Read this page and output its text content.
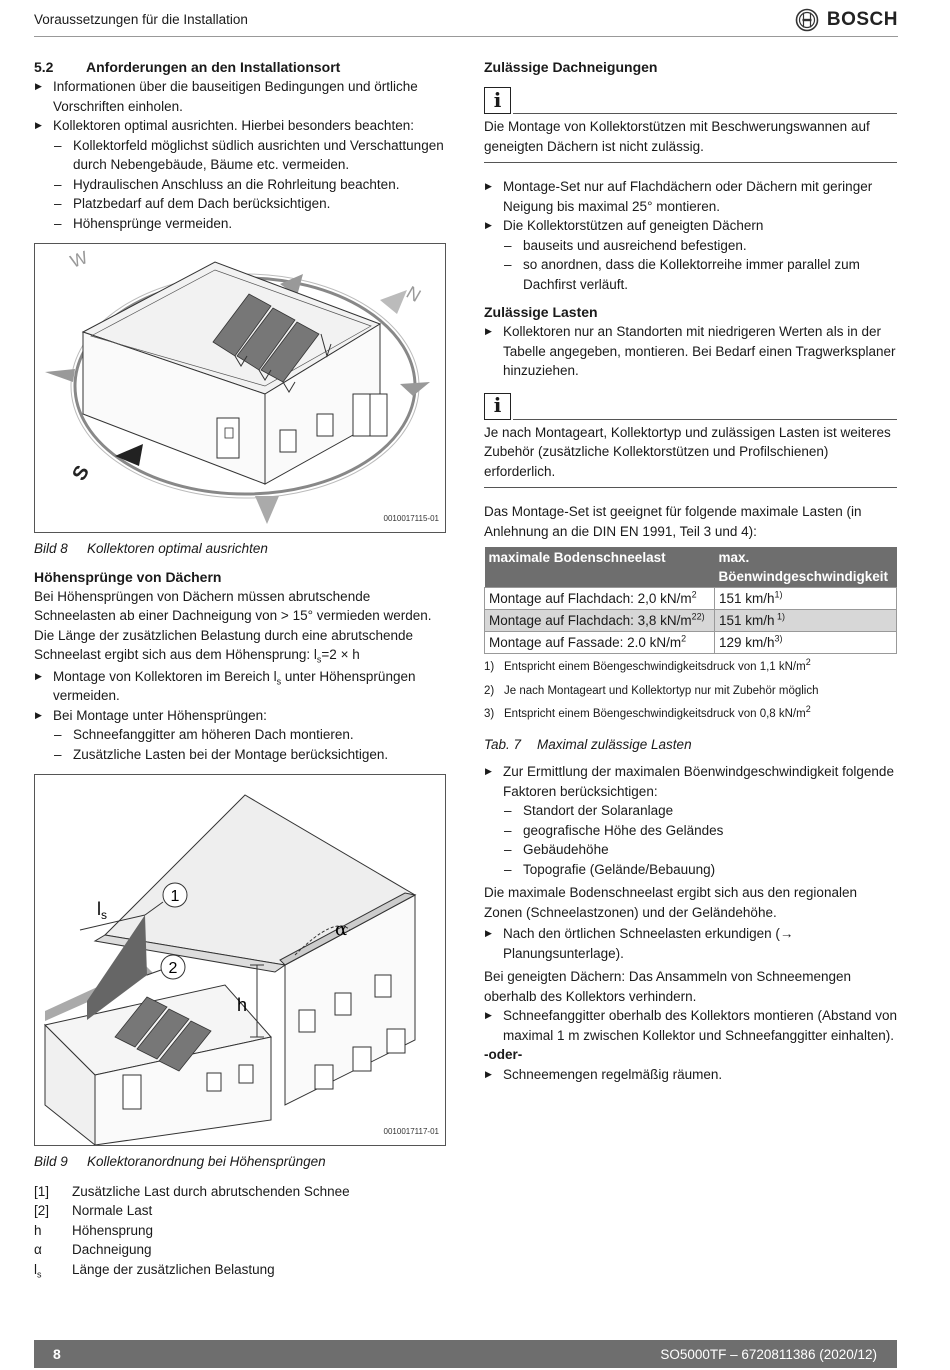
Voraussetzungen für die Installation	BOSCH
5.2 Anforderungen an den Installationsort
▶ Informationen über die bauseitigen Bedingungen und örtliche Vorschriften einholen.
▶ Kollektoren optimal ausrichten. Hierbei besonders beachten:
– Kollektorfeld möglichst südlich ausrichten und Verschattungen durch Nebengebäude, Bäume etc. vermeiden.
– Hydraulischen Anschluss an die Rohrleitung beachten.
– Platzbedarf auf dem Dach berücksichtigen.
– Höhensprünge vermeiden.
W
N
S
0010017115-01
Bild 8 Kollektoren optimal ausrichten
Höhensprünge von Dächern

Bei Höhensprüngen von Dächern müssen abrutschende Schneelasten ab einer Dachneigung von > 15° vermieden werden. Die Länge der zusätzlichen Belastung durch eine abrutschende Schneelast ergibt sich aus dem Höhensprung: $l_s=2 \times h$

▶ Montage von Kollektoren im Bereich $l_s$ unter Höhensprüngen vermeiden.
▶ Bei Montage unter Höhensprüngen:
– Schneefanggitter am höheren Dach montieren.
– Zusätzliche Lasten bei der Montage berücksichtigen.
1
2
$l_s$
h
α
0010017117-01
Bild 9 Kollektoranordnung bei Höhensprüngen
[1]	Zusätzliche Last durch abrutschenden Schnee
[2]	Normale Last
h	Höhensprung
α	Dachneigung
$l_s$	Länge der zusätzlichen Belastung
Zulässige Dachneigungen
i
Die Montage von Kollektorstützen mit Beschwerungswannen auf geneigten Dächern ist nicht zulässig.
▶ Montage-Set nur auf Flachdächern oder Dächern mit geringer Neigung bis maximal 25° montieren.
▶ Die Kollektorstützen auf geneigten Dächern
– bauseits und ausreichend befestigen.
– so anordnen, dass die Kollektorreihe immer parallel zum Dachfirst verläuft.
Zulässige Lasten
▶ Kollektoren nur an Standorten mit niedrigeren Werten als in der Tabelle angegeben, montieren. Bei Bedarf einen Tragwerksplaner hinzuziehen.
i
Je nach Montageart, Kollektortyp und zulässigen Lasten ist weiteres Zubehör (zusätzliche Kollektorstützen und Profilschienen) erforderlich.

Das Montage-Set ist geeignet für folgende maximale Lasten (in Anlehnung an die DIN EN 1991, Teil 3 und 4):

maximale Bodenschneelast	max. Böenwindgeschwindigkeit
Montage auf Flachdach: 2,0 $kN/m^2$	151 $km/h^{1)}$
Montage auf Flachdach: 3,8 $kN/m^{22)}$	151 km/h $^{1)}$
Montage auf Fassade: 2.0 $kN/m^2$	129 $km/h^{3)}$
1) Entspricht einem Böengeschwindigkeitsdruck von 1,1 $kN/m^2$
2) Je nach Montageart und Kollektortyp nur mit Zubehör möglich
3) Entspricht einem Böengeschwindigkeitsdruck von 0,8 $kN/m^2$
Tab. 7 Maximal zulässige Lasten
▶ Zur Ermittlung der maximalen Böenwindgeschwindigkeit folgende Faktoren berücksichtigen:
– Standort der Solaranlage
– geografische Höhe des Geländes
– Gebäudehöhe
– Topografie (Gelände/Bebauung)

Die maximale Bodenschneelast ergibt sich aus den regionalen Zonen (Schneelastzonen) und der Geländehöhe.

▶ Nach den örtlichen Schneelasten erkundigen (→ Planungsunterlage).

Bei geneigten Dächern: Das Ansammeln von Schneemengen oberhalb des Kollektors verhindern.

▶ Schneefanggitter oberhalb des Kollektors montieren (Abstand von maximal 1 m zwischen Kollektor und Schneefanggitter einhalten).

-oder-

▶ Schneemengen regelmäßig räumen.
8	SO5000TF – 6720811386 (2020/12)
